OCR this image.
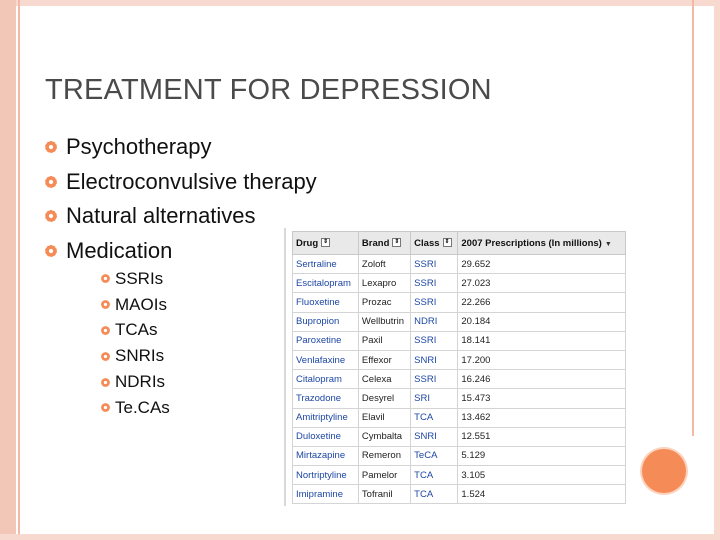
TREATMENT FOR DEPRESSION
Psychotherapy
Electroconvulsive therapy
Natural alternatives
Medication
SSRIs
MAOIs
TCAs
SNRIs
NDRIs
Te.CAs
Drug ⇕	Brand ⇕	Class ⇕	2007 Prescriptions (In millions) ▼
Sertraline	Zoloft	SSRI	29.652
Escitalopram	Lexapro	SSRI	27.023
Fluoxetine	Prozac	SSRI	22.266
Bupropion	Wellbutrin	NDRI	20.184
Paroxetine	Paxil	SSRI	18.141
Venlafaxine	Effexor	SNRI	17.200
Citalopram	Celexa	SSRI	16.246
Trazodone	Desyrel	SRI	15.473
Amitriptyline	Elavil	TCA	13.462
Duloxetine	Cymbalta	SNRI	12.551
Mirtazapine	Remeron	TeCA	5.129
Nortriptyline	Pamelor	TCA	3.105
Imipramine	Tofranil	TCA	1.524
